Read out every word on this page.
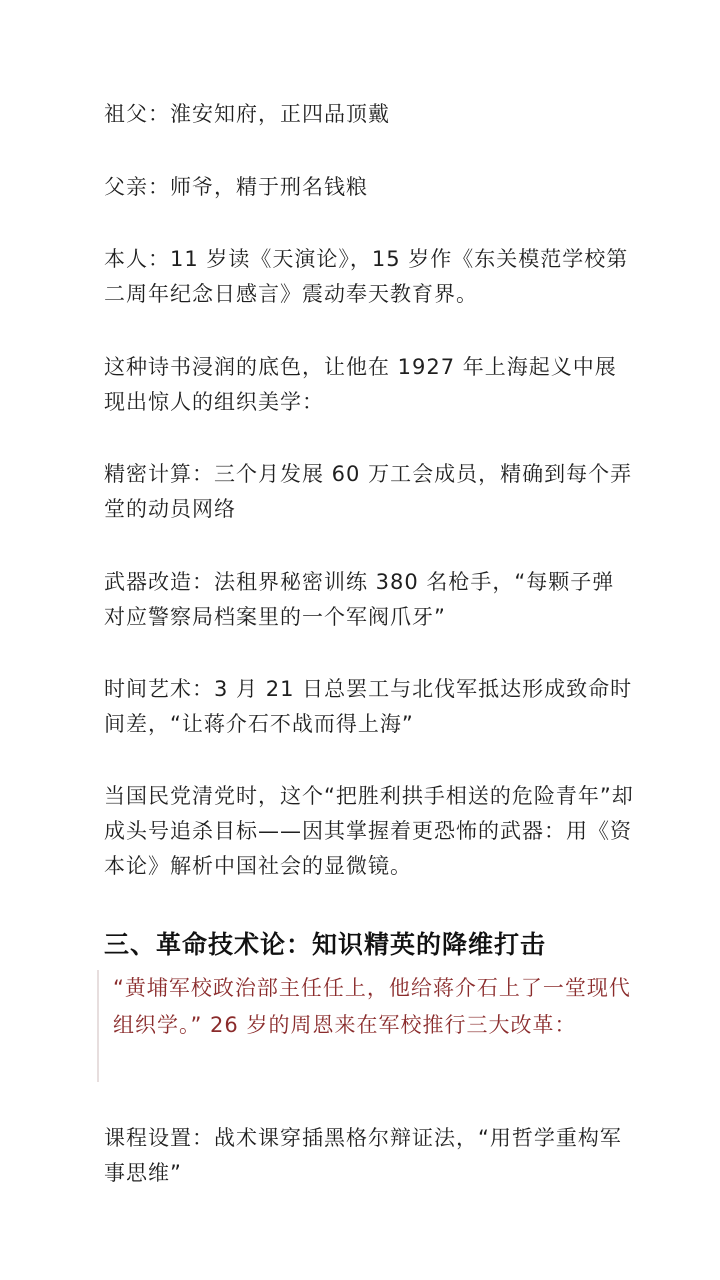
祖父：淮安知府，正四品顶戴

父亲：师爷，精于刑名钱粮

本人：11 岁读《天演论》，15 岁作《东关模范学校第二周年纪念日感言》震动奉天教育界。

这种诗书浸润的底色，让他在 1927 年上海起义中展现出惊人的组织美学：

精密计算：三个月发展 60 万工会成员，精确到每个弄堂的动员网络

武器改造：法租界秘密训练 380 名枪手，“每颗子弹对应警察局档案里的一个军阀爪牙”

时间艺术：3 月 21 日总罢工与北伐军抵达形成致命时间差，“让蒋介石不战而得上海”

当国民党清党时，这个“把胜利拱手相送的危险青年”却成头号追杀目标——因其掌握着更恐怖的武器：用《资本论》解析中国社会的显微镜。

三、革命技术论：知识精英的降维打击

“黄埔军校政治部主任任上，他给蒋介石上了一堂现代组织学。” 26 岁的周恩来在军校推行三大改革：

课程设置：战术课穿插黑格尔辩证法，“用哲学重构军事思维”
